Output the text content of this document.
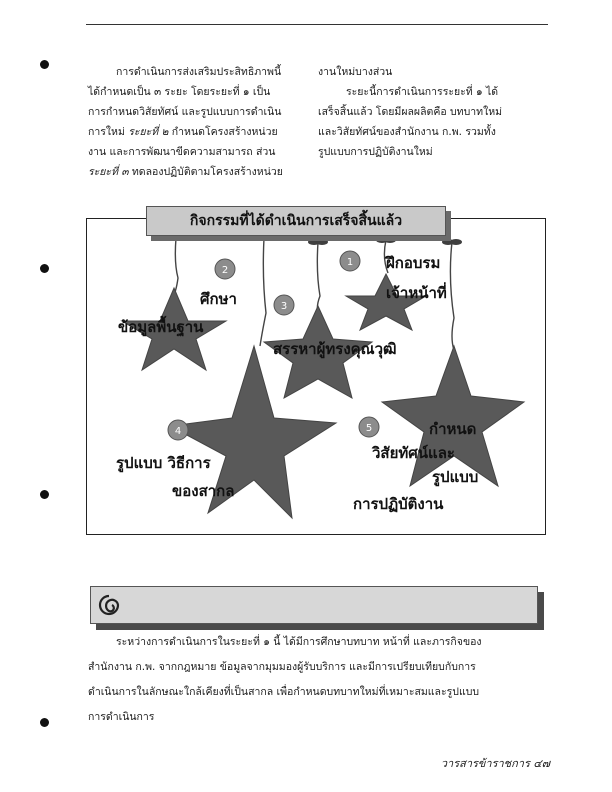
การดำเนินการส่งเสริมประสิทธิภาพนี้

ได้กำหนดเป็น ๓ ระยะ โดยระยะที่ ๑ เป็น

การกำหนดวิสัยทัศน์ และรูปแบบการดำเนิน

การใหม่ ระยะที่ ๒ กำหนดโครงสร้างหน่วย

งาน และการพัฒนาขีดความสามารถ ส่วน

ระยะที่ ๓ ทดลองปฏิบัติตามโครงสร้างหน่วย

งานใหม่บางส่วน

ระยะนี้การดำเนินการระยะที่ ๑ ได้

เสร็จสิ้นแล้ว โดยมีผลผลิตคือ บทบาทใหม่

และวิสัยทัศน์ของสำนักงาน ก.พ. รวมทั้ง

รูปแบบการปฏิบัติงานใหม่

1
2
3
4	5
ฝึกอบรม
เจ้าหน้าที่
ศึกษา
ข้อมูลพื้นฐาน
สรรหาผู้ทรงคุณวุฒิ
รูปแบบ วิธีการ
ของสากล
กำหนด
วิสัยทัศน์และ
รูปแบบ
การปฏิบัติงาน
กิจกรรมที่ได้ดำเนินการเสร็จสิ้นแล้ว

ระหว่างการดำเนินการในระยะที่ ๑ นี้ ได้มีการศึกษาบทบาท หน้าที่ และภารกิจของ

สำนักงาน ก.พ. จากกฎหมาย ข้อมูลจากมุมมองผู้รับบริการ และมีการเปรียบเทียบกับการ

ดำเนินการในลักษณะใกล้เคียงที่เป็นสากล เพื่อกำหนดบทบาทใหม่ที่เหมาะสมและรูปแบบ

การดำเนินการ

วารสารข้าราชการ ๔๗
